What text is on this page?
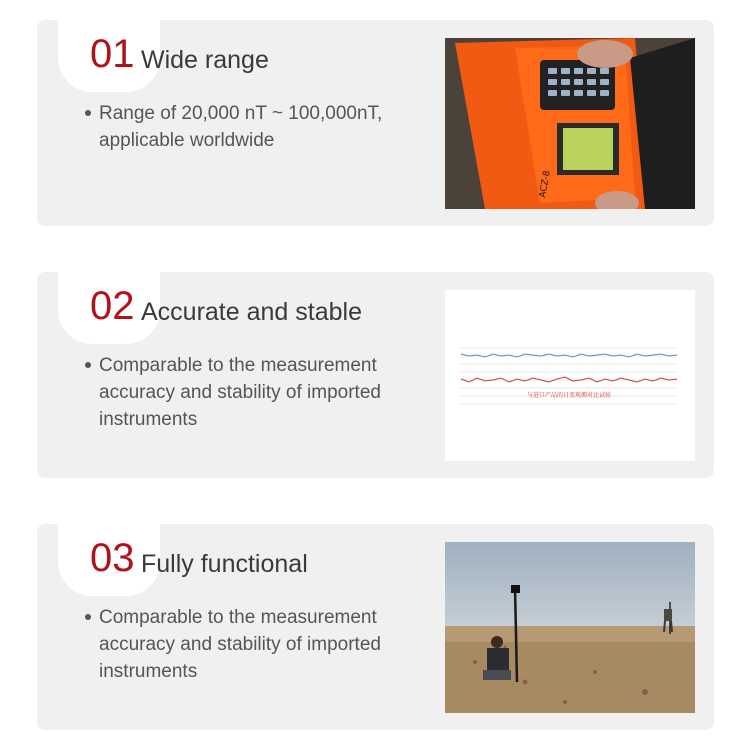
01 Wide range
Range of 20,000 nT ~ 100,000nT, applicable worldwide
ACZ-8
02 Accurate and stable
Comparable to the measurement accuracy and stability of imported instruments
与进口产品的日变观测对比试验
03 Fully functional
Comparable to the measurement accuracy and stability of imported instruments
